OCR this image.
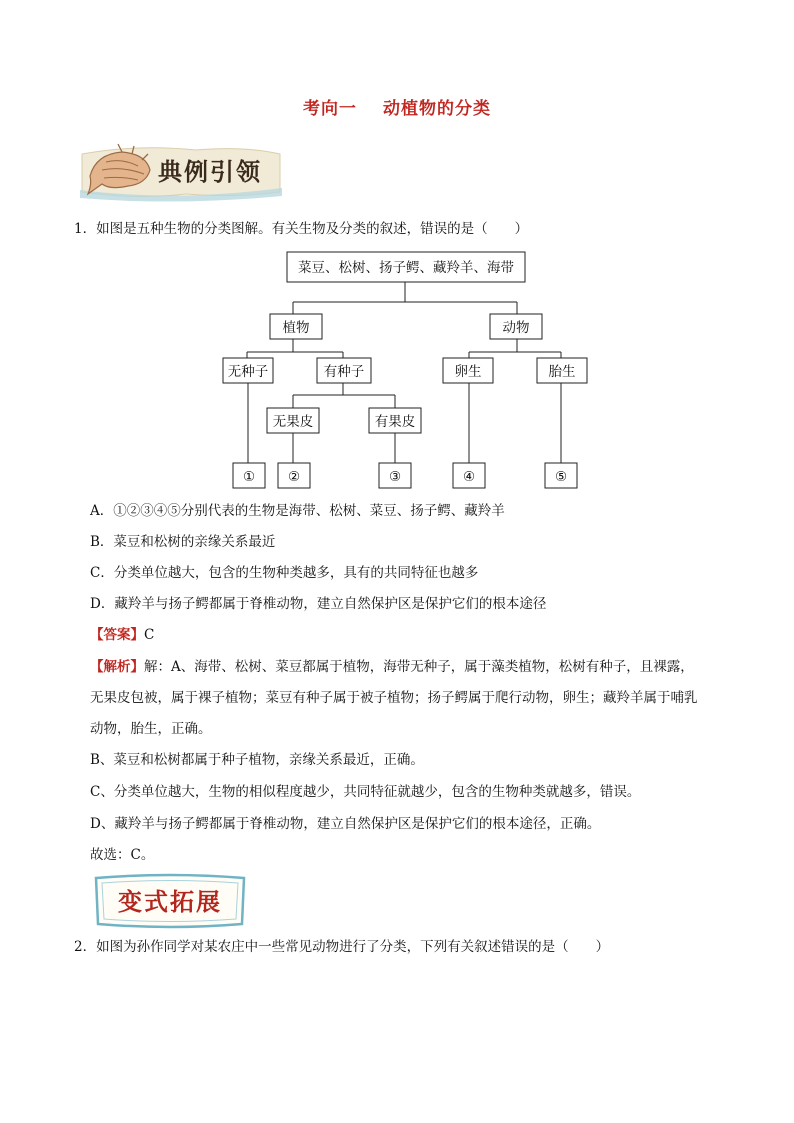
考向一 动植物的分类
典例引领
1．如图是五种生物的分类图解。有关生物及分类的叙述，错误的是（　　）
菜豆、松树、扬子鳄、藏羚羊、海带
植物	动物
无种子	有种子	卵生	胎生
无果皮	有果皮
① ②	③	④	⑤
A．①②③④⑤分别代表的生物是海带、松树、菜豆、扬子鳄、藏羚羊
B．菜豆和松树的亲缘关系最近
C．分类单位越大，包含的生物种类越多，具有的共同特征也越多
D．藏羚羊与扬子鳄都属于脊椎动物，建立自然保护区是保护它们的根本途径
【答案】C
【解析】解：A、海带、松树、菜豆都属于植物，海带无种子，属于藻类植物，松树有种子，且裸露，
无果皮包被，属于裸子植物；菜豆有种子属于被子植物；扬子鳄属于爬行动物，卵生；藏羚羊属于哺乳
动物，胎生，正确。
B、菜豆和松树都属于种子植物，亲缘关系最近，正确。
C、分类单位越大，生物的相似程度越少，共同特征就越少，包含的生物种类就越多，错误。
D、藏羚羊与扬子鳄都属于脊椎动物，建立自然保护区是保护它们的根本途径，正确。
故选：C。
变式拓展
2．如图为孙作同学对某农庄中一些常见动物进行了分类，下列有关叙述错误的是（　　）
